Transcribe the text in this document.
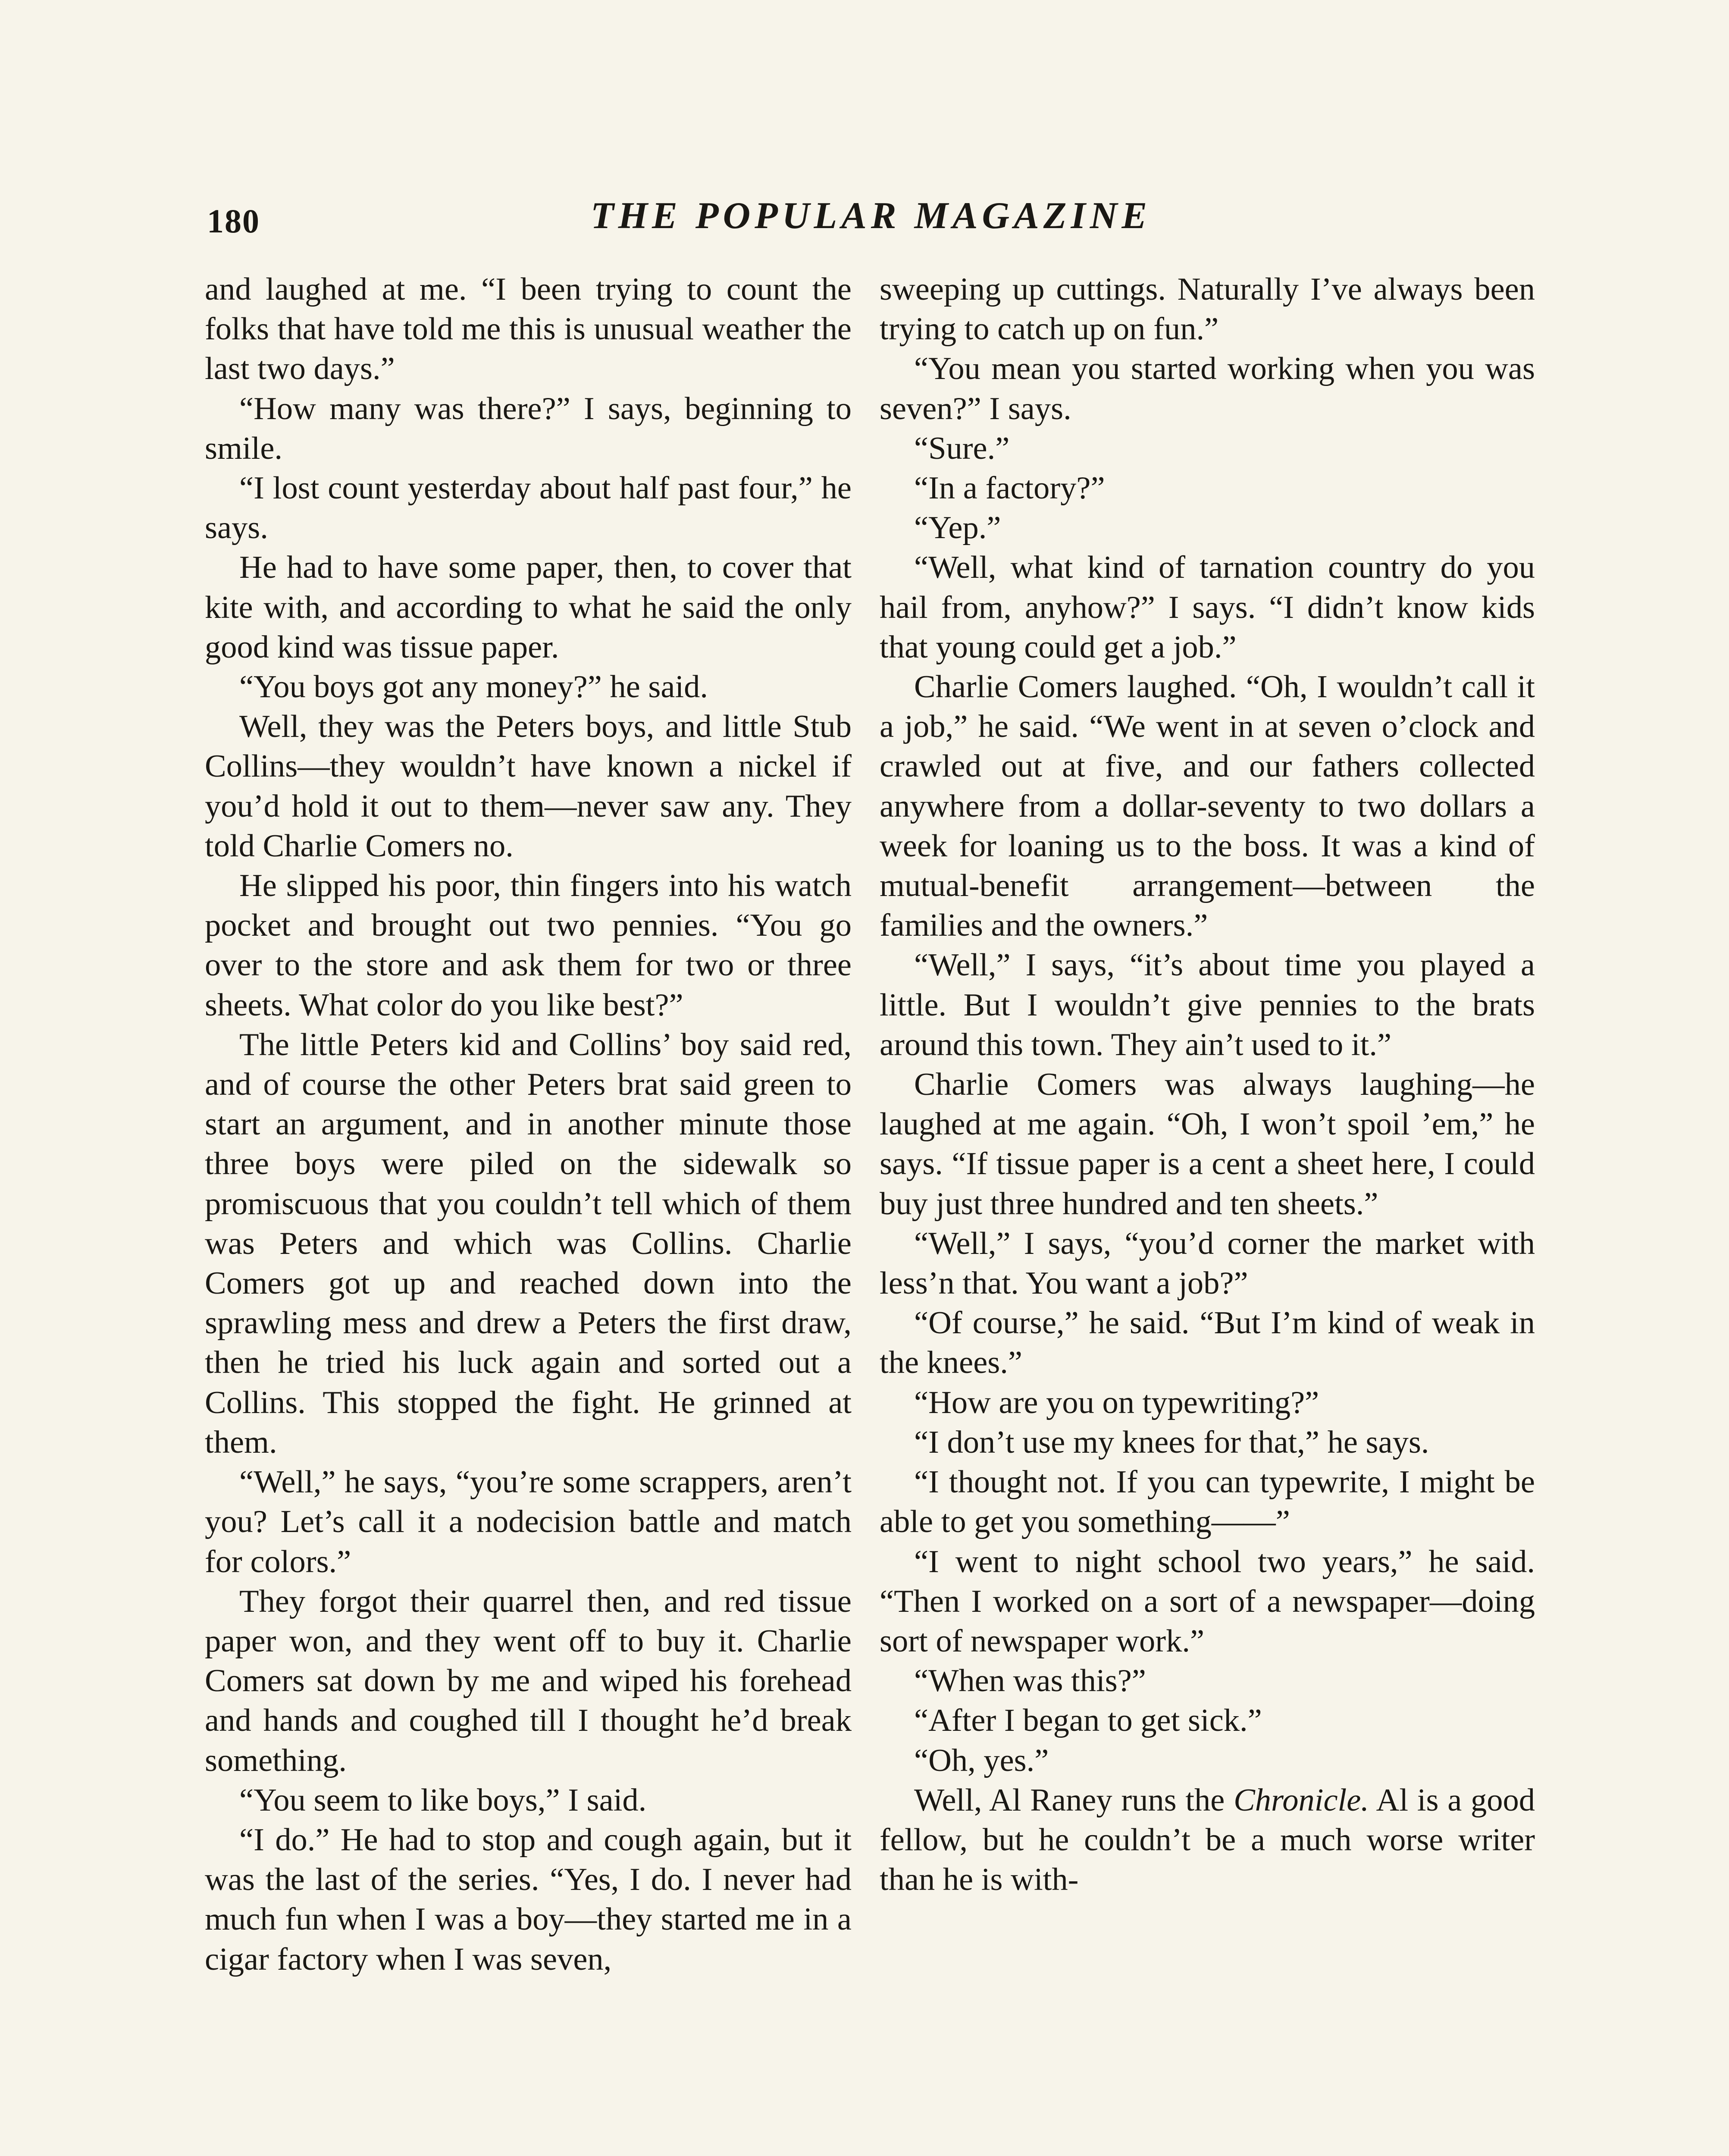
180	THE POPULAR MAGAZINE

and laughed at me. “I been trying to count the folks that have told me this is unusual weather the last two days.”

“How many was there?” I says, beginning to smile.

“I lost count yesterday about half past four,” he says.

He had to have some paper, then, to cover that kite with, and according to what he said the only good kind was tissue paper.

“You boys got any money?” he said.

Well, they was the Peters boys, and little Stub Collins—they wouldn’t have known a nickel if you’d hold it out to them—never saw any. They told Charlie Comers no.

He slipped his poor, thin fingers into his watch pocket and brought out two pennies. “You go over to the store and ask them for two or three sheets. What color do you like best?”

The little Peters kid and Collins’ boy said red, and of course the other Peters brat said green to start an argument, and in another minute those three boys were piled on the sidewalk so promiscuous that you couldn’t tell which of them was Peters and which was Collins. Charlie Comers got up and reached down into the sprawling mess and drew a Peters the first draw, then he tried his luck again and sorted out a Collins. This stopped the fight. He grinned at them.

“Well,” he says, “you’re some scrappers, aren’t you? Let’s call it a nodecision battle and match for colors.”

They forgot their quarrel then, and red tissue paper won, and they went off to buy it. Charlie Comers sat down by me and wiped his forehead and hands and coughed till I thought he’d break something.

“You seem to like boys,” I said.

“I do.” He had to stop and cough again, but it was the last of the series. “Yes, I do. I never had much fun when I was a boy—they started me in a cigar factory when I was seven,

sweeping up cuttings. Naturally I’ve always been trying to catch up on fun.”

“You mean you started working when you was seven?” I says.

“Sure.”

“In a factory?”

“Yep.”

“Well, what kind of tarnation country do you hail from, anyhow?” I says. “I didn’t know kids that young could get a job.”

Charlie Comers laughed. “Oh, I wouldn’t call it a job,” he said. “We went in at seven o’clock and crawled out at five, and our fathers collected anywhere from a dollar-seventy to two dollars a week for loaning us to the boss. It was a kind of mutual-benefit arrangement—between the families and the owners.”

“Well,” I says, “it’s about time you played a little. But I wouldn’t give pennies to the brats around this town. They ain’t used to it.”

Charlie Comers was always laughing—he laughed at me again. “Oh, I won’t spoil ’em,” he says. “If tissue paper is a cent a sheet here, I could buy just three hundred and ten sheets.”

“Well,” I says, “you’d corner the market with less’n that. You want a job?”

“Of course,” he said. “But I’m kind of weak in the knees.”

“How are you on typewriting?”

“I don’t use my knees for that,” he says.

“I thought not. If you can typewrite, I might be able to get you something——”

“I went to night school two years,” he said. “Then I worked on a sort of a newspaper—doing sort of newspaper work.”

“When was this?”

“After I began to get sick.”

“Oh, yes.”

Well, Al Raney runs the Chronicle. Al is a good fellow, but he couldn’t be a much worse writer than he is with-
